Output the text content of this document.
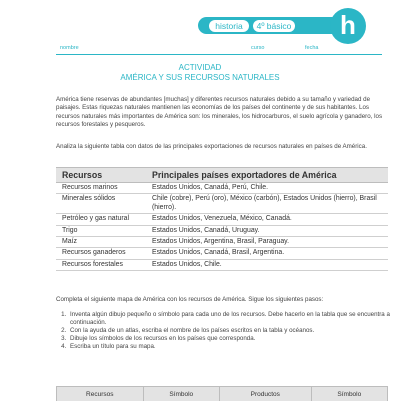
historia	4º básico	h
nombre	curso	fecha
ACTIVIDAD
AMÉRICA Y SUS RECURSOS NATURALES
América tiene reservas de abundantes [muchas] y diferentes recursos naturales debido a su tamaño y variedad de paisajes. Estas riquezas naturales mantienen las economías de los países del continente y de sus habitantes. Los recursos naturales más importantes de América son: los minerales, los hidrocarburos, el suelo agrícola y ganadero, los recursos forestales y pesqueros.
Analiza la siguiente tabla con datos de las principales exportaciones de recursos naturales en países de América.
Recursos	Principales países exportadores de América
Recursos marinos	Estados Unidos, Canadá, Perú, Chile.
Minerales sólidos	Chile (cobre), Perú (oro), México (carbón), Estados Unidos (hierro), Brasil (hierro).
Petróleo y gas natural	Estados Unidos, Venezuela, México, Canadá.
Trigo	Estados Unidos, Canadá, Uruguay.
Maíz	Estados Unidos, Argentina, Brasil, Paraguay.
Recursos ganaderos	Estados Unidos, Canadá, Brasil, Argentina.
Recursos forestales	Estados Unidos, Chile.
Completa el siguiente mapa de América con los recursos de América. Sigue los siguientes pasos:
1. Inventa algún dibujo pequeño o símbolo para cada uno de los recursos. Debe hacerlo en la tabla que se encuentra a continuación.
2. Con la ayuda de un atlas, escriba el nombre de los países escritos en la tabla y océanos.
3. Dibuje los símbolos de los recursos en los países que corresponda.
4. Escriba un título para su mapa.
Recursos	Símbolo	Productos	Símbolo
